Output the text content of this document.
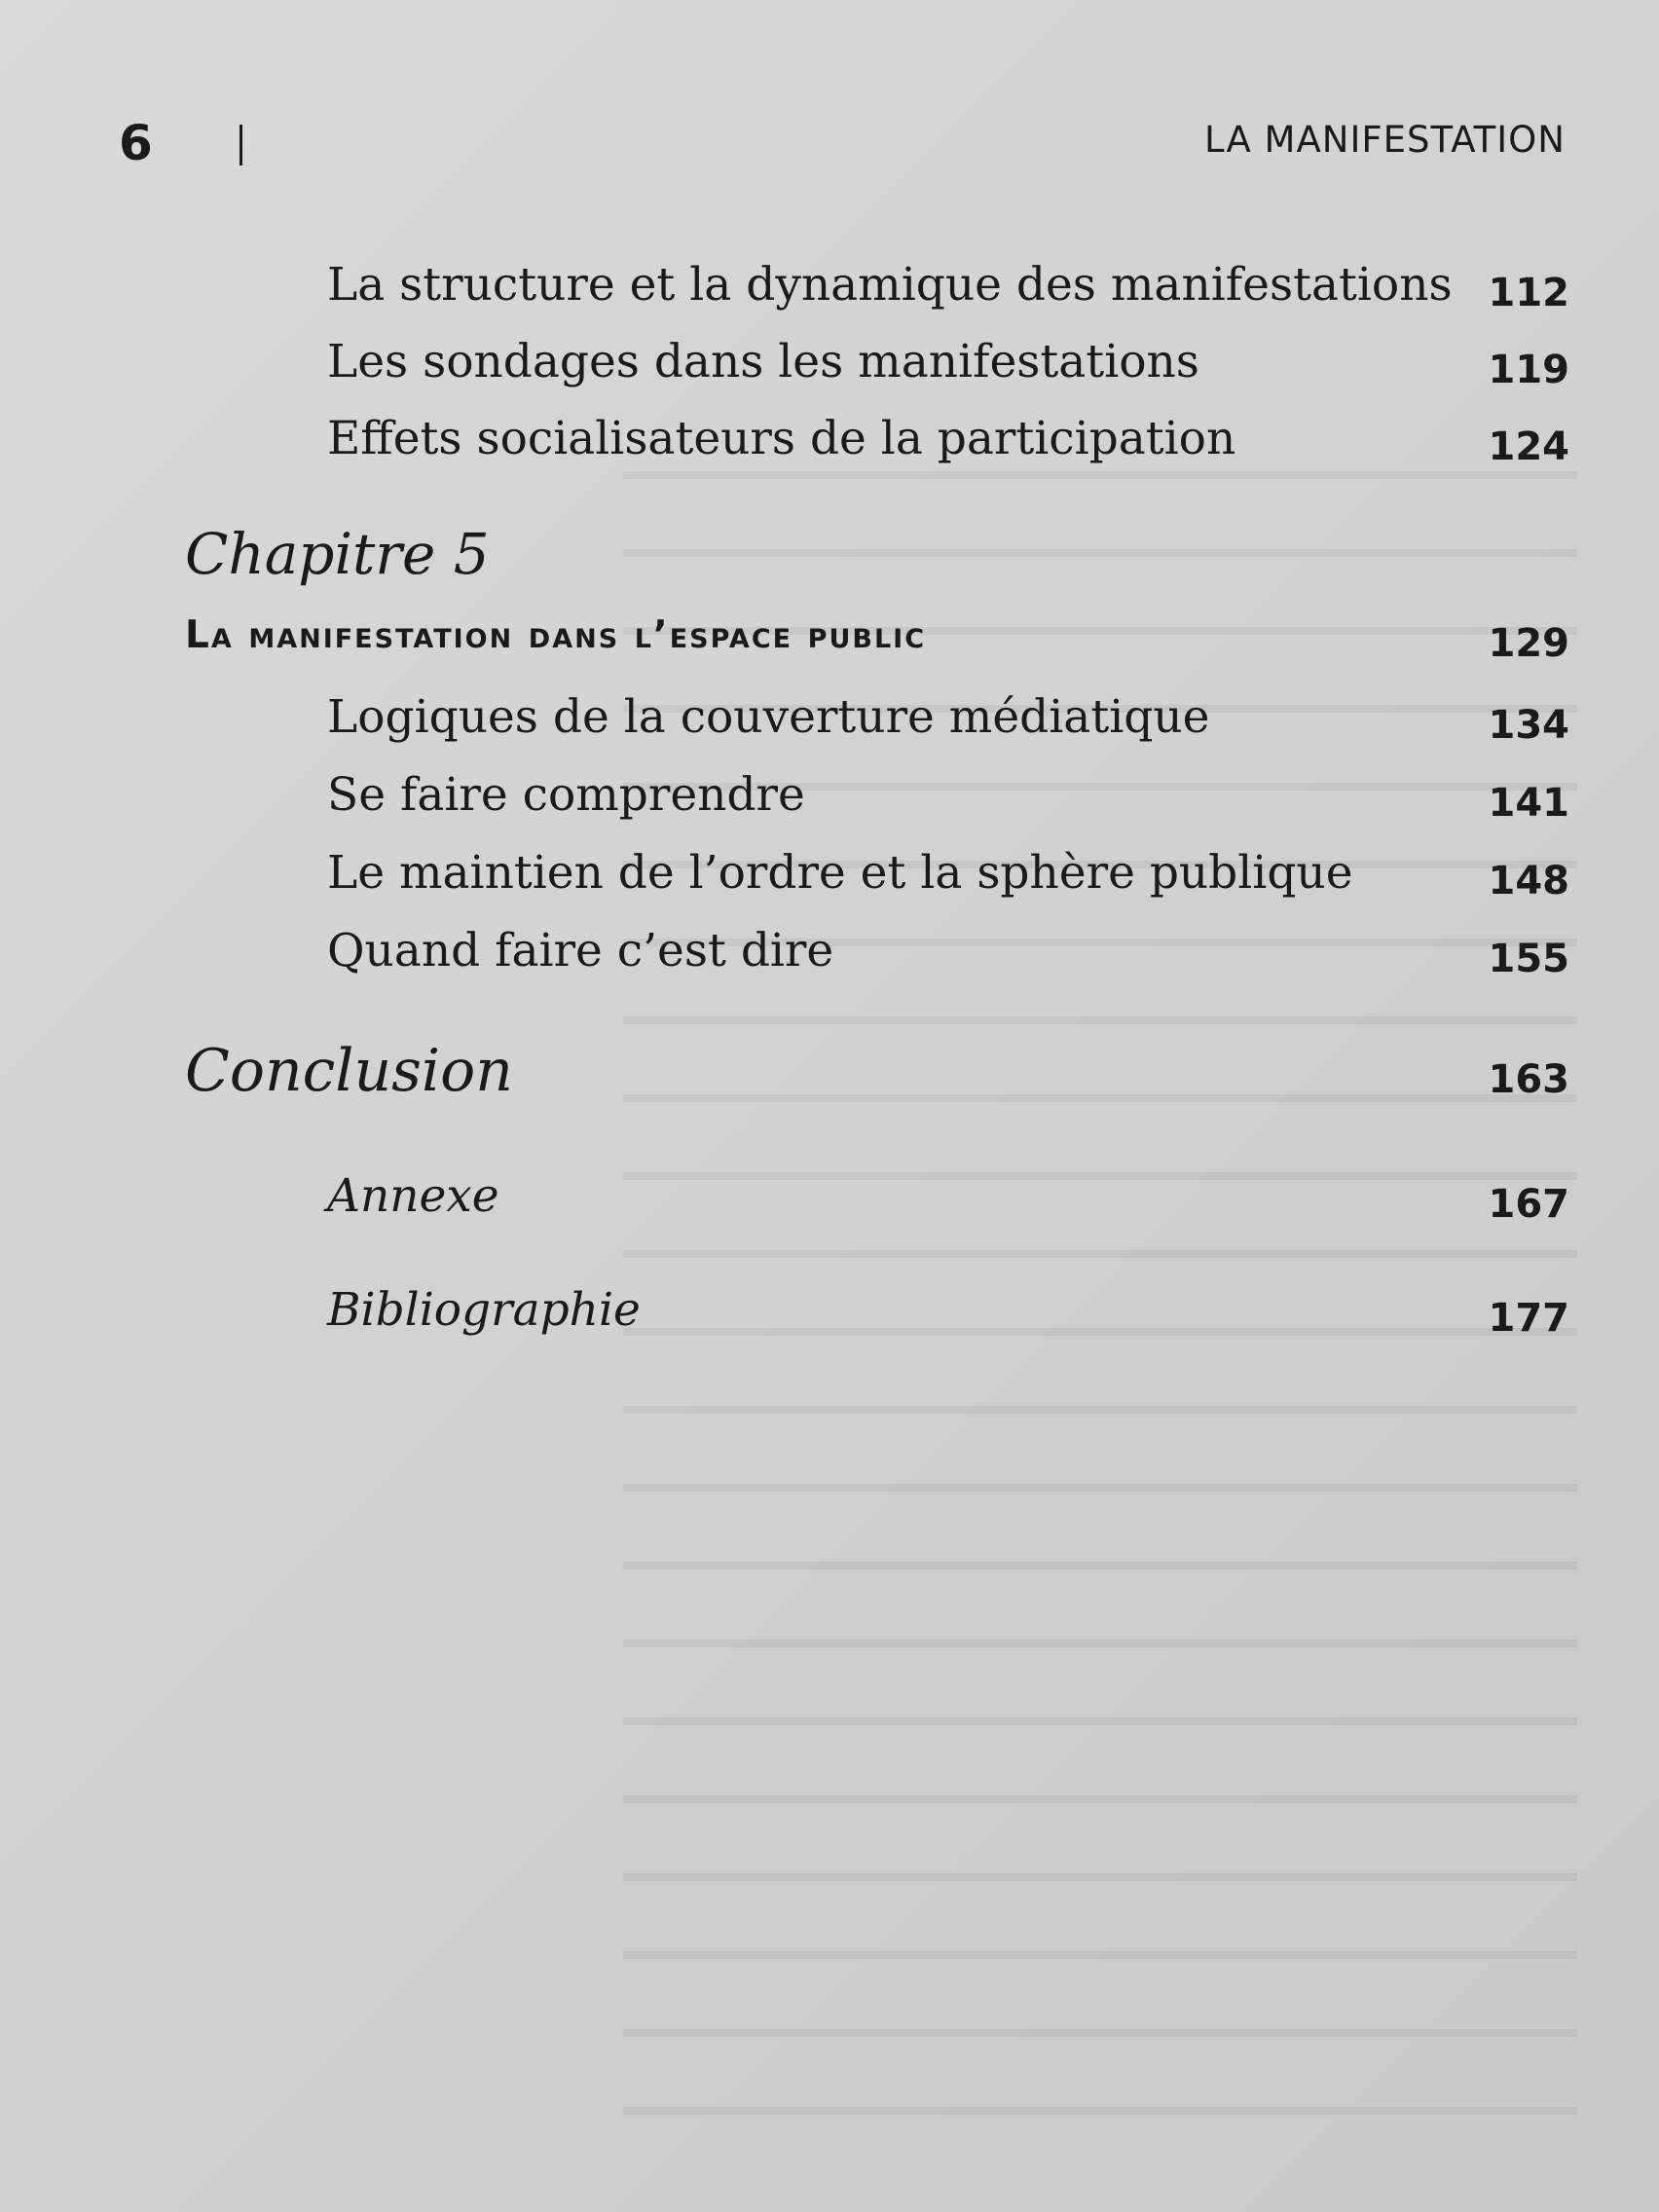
6	LA MANIFESTATION
La structure et la dynamique des manifestations 112
Les sondages dans les manifestations	119
Effets socialisateurs de la participation	124
Chapitre 5
La manifestation dans l’espace public	129
Logiques de la couverture médiatique	134
Se faire comprendre	141
Le maintien de l’ordre et la sphère publique	148
Quand faire c’est dire	155
Conclusion	163
Annexe	167
Bibliographie	177
